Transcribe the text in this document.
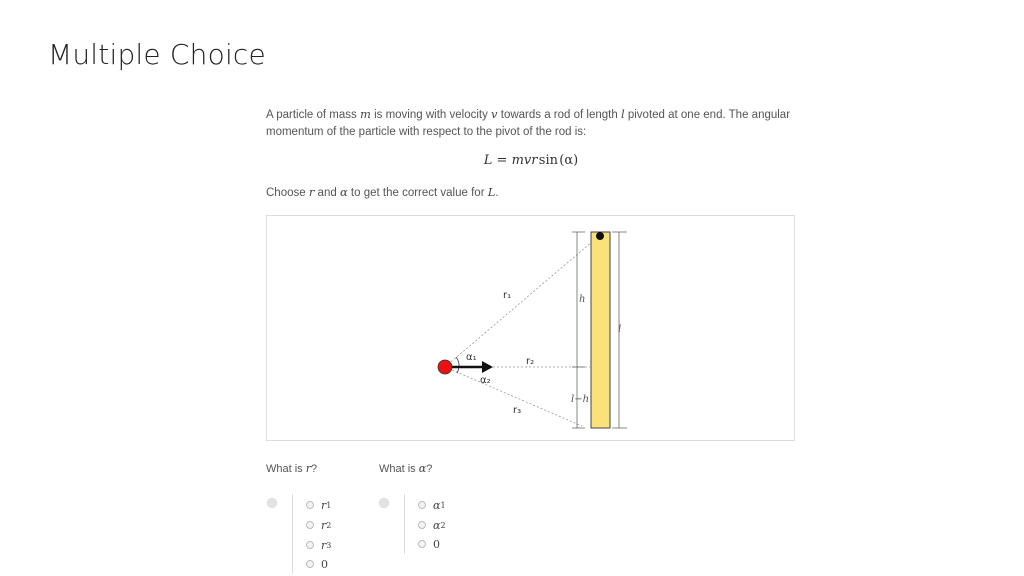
Multiple Choice
A particle of mass m is moving with velocity v towards a rod of length l pivoted at one end. The angular momentum of the particle with respect to the pivot of the rod is:
L = mvr sin (α)
Choose r and α to get the correct value for L.
r₁
r₂
r₃
α₁
α₂
h
l
l−h
What is r?	What is α?
r 1
r 2
r 3
0
α 1
α 2
0
